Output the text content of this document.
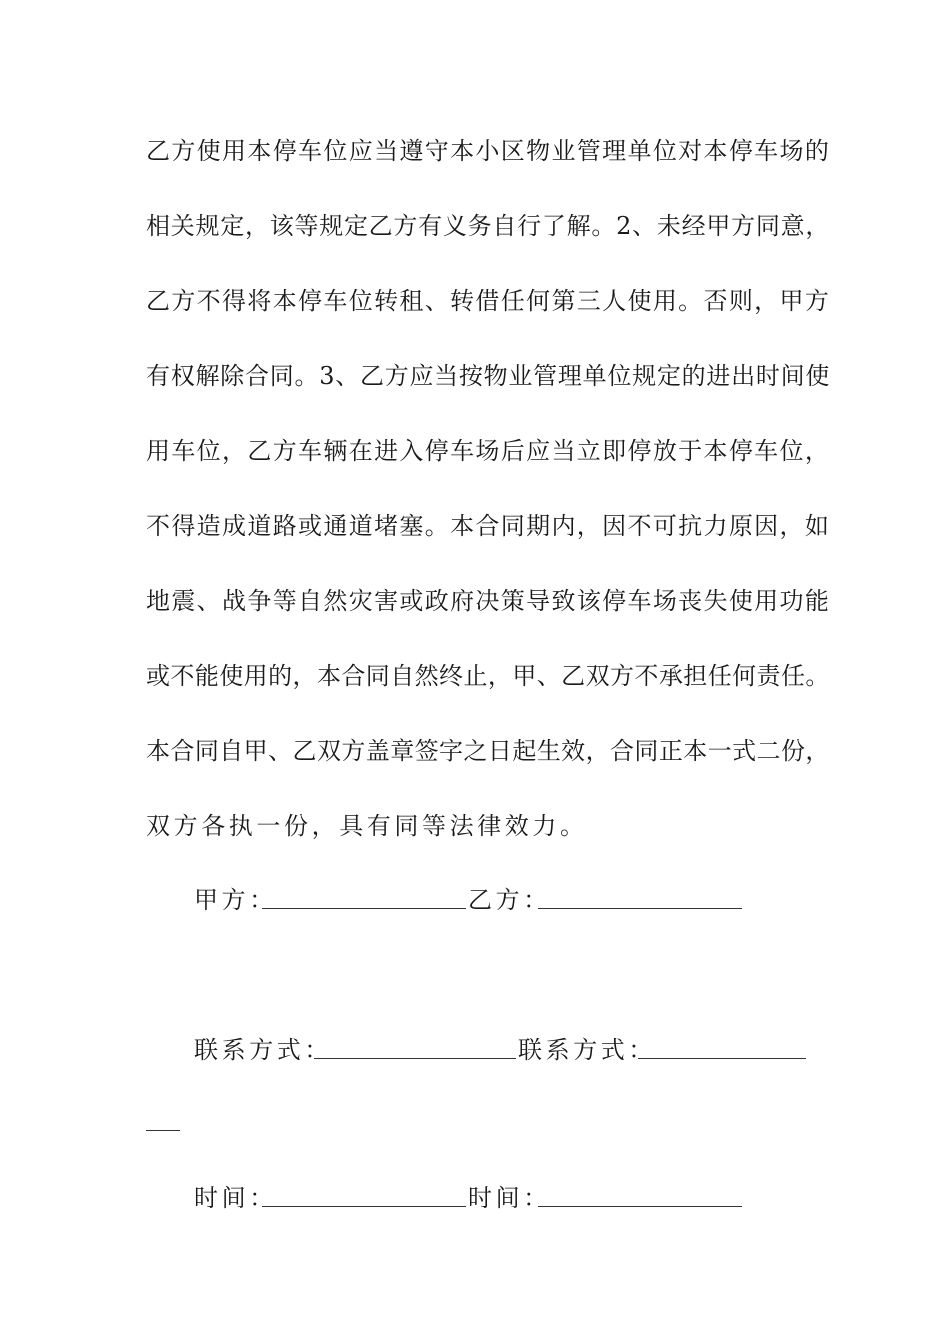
乙方使用本停车位应当遵守本小区物业管理单位对本停车场的
相关规定，该等规定乙方有义务自行了解。2、未经甲方同意，
乙方不得将本停车位转租、转借任何第三人使用。否则，甲方
有权解除合同。3、乙方应当按物业管理单位规定的进出时间使
用车位，乙方车辆在进入停车场后应当立即停放于本停车位，
不得造成道路或通道堵塞。本合同期内，因不可抗力原因，如
地震、战争等自然灾害或政府决策导致该停车场丧失使用功能
或不能使用的，本合同自然终止，甲、乙双方不承担任何责任。
本合同自甲、乙双方盖章签字之日起生效，合同正本一式二份，
双方各执一份，具有同等法律效力。
甲方：	乙方：
联系方式：	联系方式：
时间：	时间：
